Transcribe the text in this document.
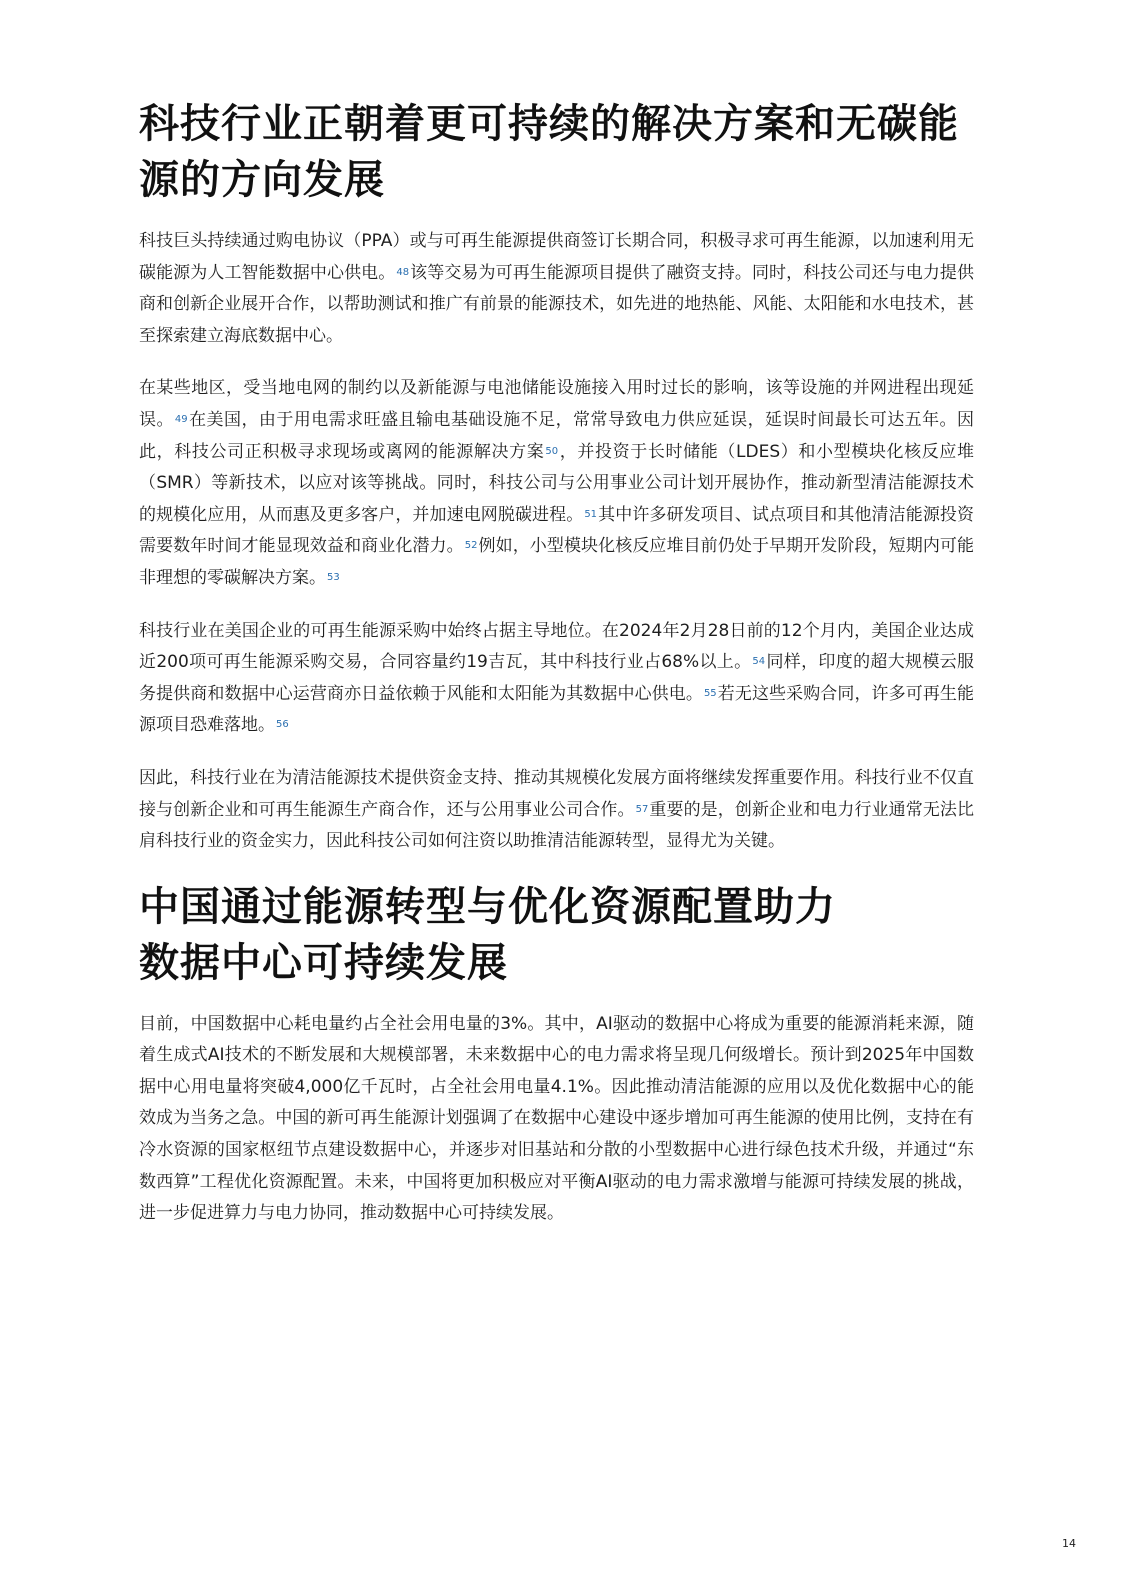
科技行业正朝着更可持续的解决方案和无碳能
源的方向发展

科技巨头持续通过购电协议（PPA）或与可再生能源提供商签订长期合同，积极寻求可再生能源，以加速利用无碳能源为人工智能数据中心供电。$^{48}$该等交易为可再生能源项目提供了融资支持。同时，科技公司还与电力提供商和创新企业展开合作，以帮助测试和推广有前景的能源技术，如先进的地热能、风能、太阳能和水电技术，甚至探索建立海底数据中心。

在某些地区，受当地电网的制约以及新能源与电池储能设施接入用时过长的影响，该等设施的并网进程出现延误。$^{49}$在美国，由于用电需求旺盛且输电基础设施不足，常常导致电力供应延误，延误时间最长可达五年。因此，科技公司正积极寻求现场或离网的能源解决方案$^{50}$，并投资于长时储能（LDES）和小型模块化核反应堆（SMR）等新技术，以应对该等挑战。同时，科技公司与公用事业公司计划开展协作，推动新型清洁能源技术的规模化应用，从而惠及更多客户，并加速电网脱碳进程。$^{51}$其中许多研发项目、试点项目和其他清洁能源投资需要数年时间才能显现效益和商业化潜力。$^{52}$例如，小型模块化核反应堆目前仍处于早期开发阶段，短期内可能非理想的零碳解决方案。$^{53}$

科技行业在美国企业的可再生能源采购中始终占据主导地位。在2024年2月28日前的12个月内，美国企业达成近200项可再生能源采购交易，合同容量约19吉瓦，其中科技行业占68%以上。$^{54}$同样，印度的超大规模云服务提供商和数据中心运营商亦日益依赖于风能和太阳能为其数据中心供电。$^{55}$若无这些采购合同，许多可再生能源项目恐难落地。$^{56}$

因此，科技行业在为清洁能源技术提供资金支持、推动其规模化发展方面将继续发挥重要作用。科技行业不仅直接与创新企业和可再生能源生产商合作，还与公用事业公司合作。$^{57}$重要的是，创新企业和电力行业通常无法比肩科技行业的资金实力，因此科技公司如何注资以助推清洁能源转型，显得尤为关键。

中国通过能源转型与优化资源配置助力
数据中心可持续发展

目前，中国数据中心耗电量约占全社会用电量的3%。其中，AI驱动的数据中心将成为重要的能源消耗来源，随着生成式AI技术的不断发展和大规模部署，未来数据中心的电力需求将呈现几何级增长。预计到2025年中国数据中心用电量将突破4,000亿千瓦时，占全社会用电量4.1%。因此推动清洁能源的应用以及优化数据中心的能效成为当务之急。中国的新可再生能源计划强调了在数据中心建设中逐步增加可再生能源的使用比例，支持在有冷水资源的国家枢纽节点建设数据中心，并逐步对旧基站和分散的小型数据中心进行绿色技术升级，并通过“东数西算”工程优化资源配置。未来，中国将更加积极应对平衡AI驱动的电力需求激增与能源可持续发展的挑战，进一步促进算力与电力协同，推动数据中心可持续发展。

14
